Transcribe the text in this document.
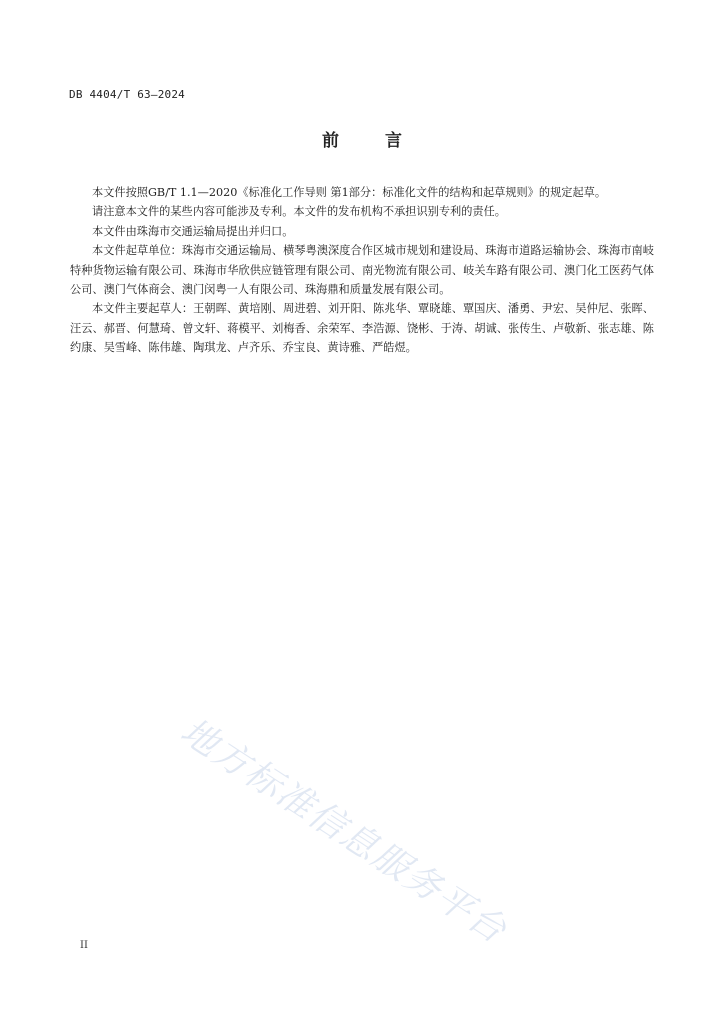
DB 4404/T 63—2024
前	言

本文件按照GB/T 1.1—2020《标准化工作导则 第1部分：标准化文件的结构和起草规则》的规定起草。

请注意本文件的某些内容可能涉及专利。本文件的发布机构不承担识别专利的责任。

本文件由珠海市交通运输局提出并归口。

本文件起草单位：珠海市交通运输局、横琴粤澳深度合作区城市规划和建设局、珠海市道路运输协会、珠海市南岐特种货物运输有限公司、珠海市华欣供应链管理有限公司、南光物流有限公司、岐关车路有限公司、澳门化工医药气体公司、澳门气体商会、澳门闵粤一人有限公司、珠海鼎和质量发展有限公司。

本文件主要起草人：王朝晖、黄培刚、周进碧、刘开阳、陈兆华、覃晓雄、覃国庆、潘勇、尹宏、吴仲尼、张晖、汪云、郝晋、何慧琦、曾文轩、蒋模平、刘梅香、余荣军、李浩源、饶彬、于涛、胡诚、张传生、卢敬新、张志雄、陈约康、吴雪峰、陈伟雄、陶琪龙、卢齐乐、乔宝良、黄诗雅、严皓煜。

地方标准信息服务平台
II
